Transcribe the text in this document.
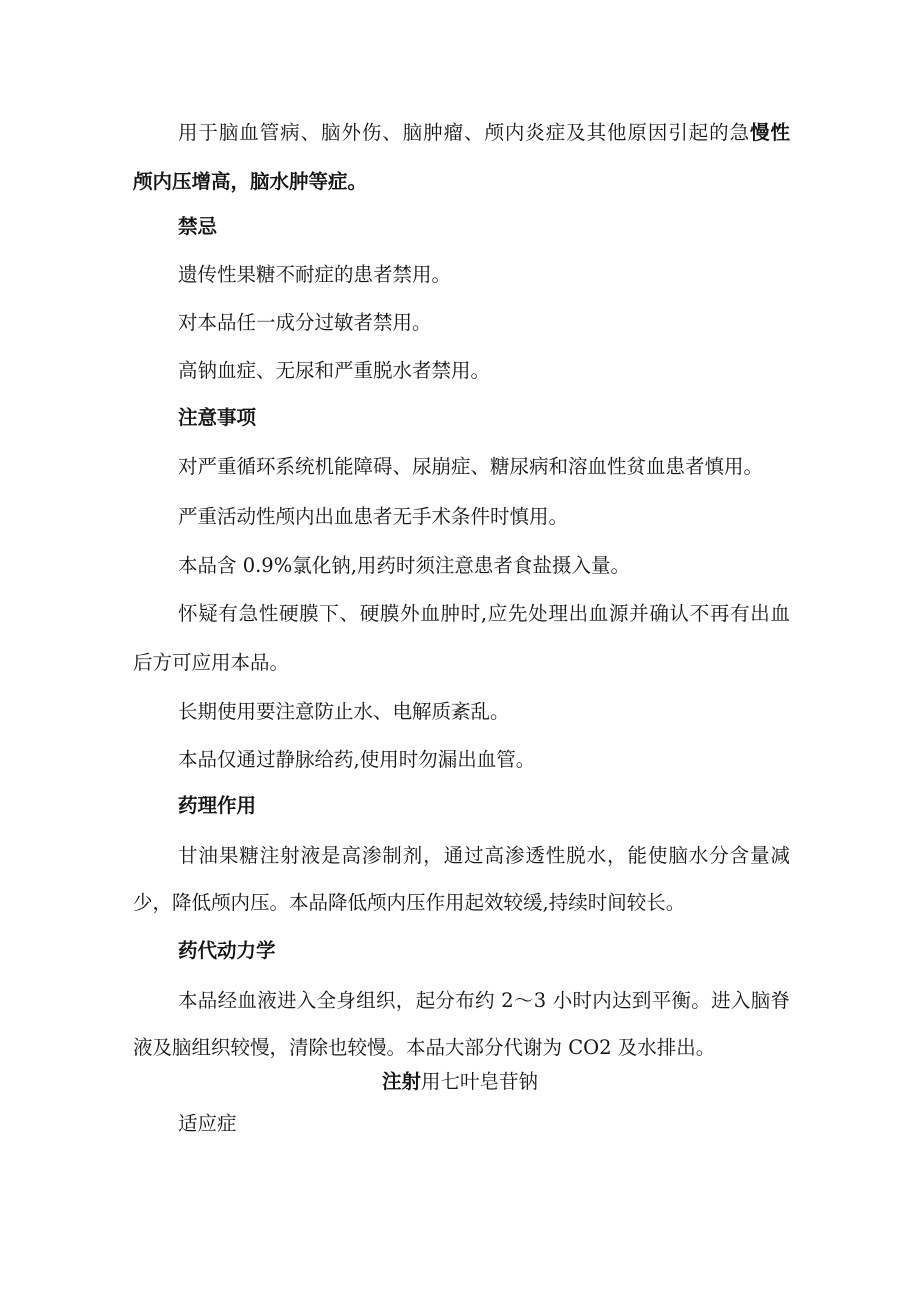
用于脑血管病、脑外伤、脑肿瘤、颅内炎症及其他原因引起的急慢性
颅内压增高，脑水肿等症。
禁忌
遗传性果糖不耐症的患者禁用。
对本品任一成分过敏者禁用。
高钠血症、无尿和严重脱水者禁用。
注意事项
对严重循环系统机能障碍、尿崩症、糖尿病和溶血性贫血患者慎用。
严重活动性颅内出血患者无手术条件时慎用。
本品含 0.9%氯化钠,用药时须注意患者食盐摄入量。
怀疑有急性硬膜下、硬膜外血肿时,应先处理出血源并确认不再有出血
后方可应用本品。
长期使用要注意防止水、电解质紊乱。
本品仅通过静脉给药,使用时勿漏出血管。
药理作用
甘油果糖注射液是高渗制剂，通过高渗透性脱水，能使脑水分含量减
少，降低颅内压。本品降低颅内压作用起效较缓,持续时间较长。
药代动力学
本品经血液进入全身组织，起分布约 2～3 小时内达到平衡。进入脑脊
液及脑组织较慢，清除也较慢。本品大部分代谢为 CO2 及水排出。
注射用七叶皂苷钠
适应症
